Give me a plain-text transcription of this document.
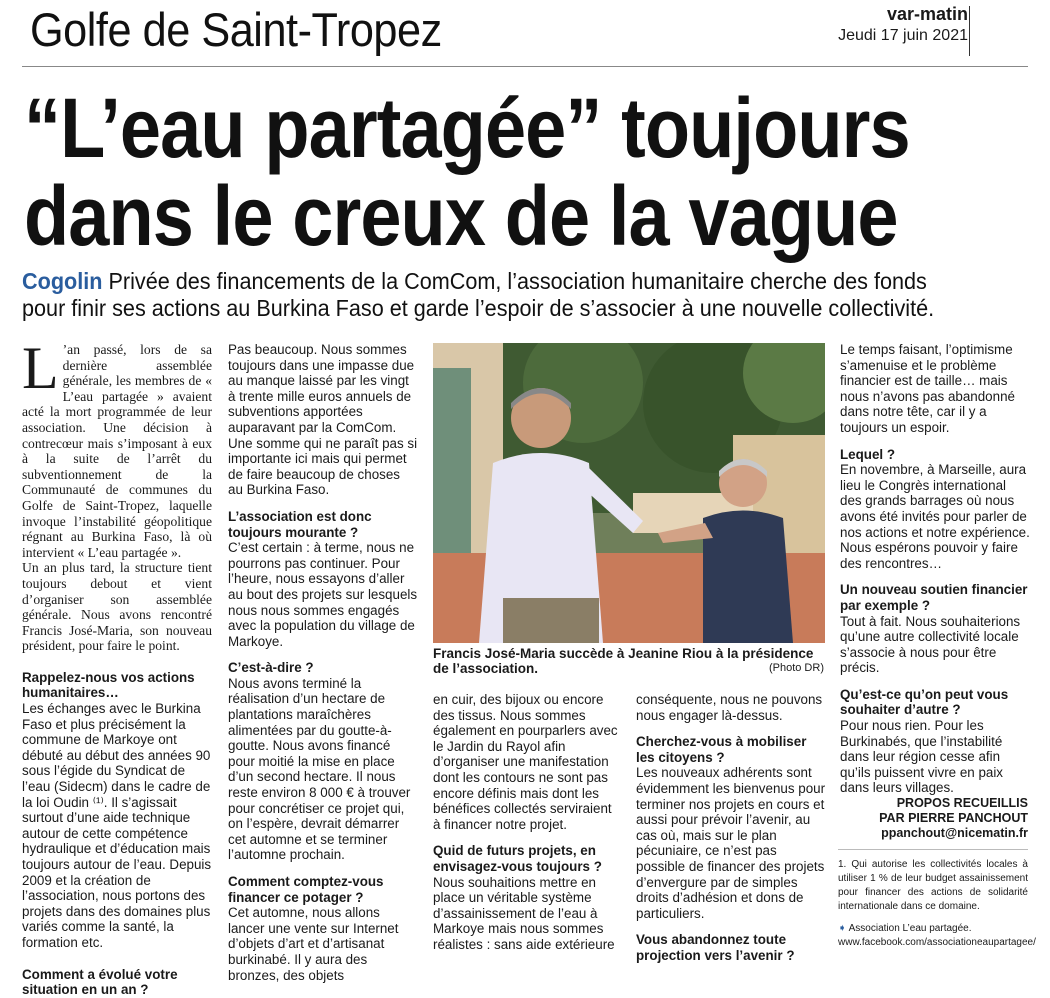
Golfe de Saint-Tropez	var-matin
Jeudi 17 juin 2021
“L’eau partagée” toujours
dans le creux de la vague
Cogolin Privée des financements de la ComCom, l’association humanitaire cherche des fonds
pour finir ses actions au Burkina Faso et garde l’espoir de s’associer à une nouvelle collectivité.

L ’an passé, lors de sa dernière assemblée générale, les membres de « L’eau partagée » avaient acté la mort programmée de leur association. Une décision à contrecœur mais s’imposant à eux à la suite de l’arrêt du subventionnement de la Communauté de communes du Golfe de Saint-Tropez, laquelle invoque l’instabilité géopolitique régnant au Burkina Faso, là où intervient « L’eau partagée ».

Un an plus tard, la structure tient toujours debout et vient d’organiser son assemblée générale. Nous avons rencontré Francis José-Maria, son nouveau président, pour faire le point.

Rappelez-nous vos actions humanitaires…

Les échanges avec le Burkina Faso et plus précisément la commune de Markoye ont débuté au début des années 90 sous l’égide du Syndicat de l’eau (Sidecm) dans le cadre de la loi Oudin ⁽¹⁾. Il s’agissait surtout d’une aide technique autour de cette compétence hydraulique et d’éducation mais toujours autour de l’eau. Depuis 2009 et la création de l’association, nous portons des projets dans des domaines plus variés comme la santé, la formation etc.

Comment a évolué votre situation en un an ?

Pas beaucoup. Nous sommes toujours dans une impasse due au manque laissé par les vingt à trente mille euros annuels de subventions apportées auparavant par la ComCom. Une somme qui ne paraît pas si importante ici mais qui permet de faire beaucoup de choses au Burkina Faso.

L’association est donc toujours mourante ?

C’est certain : à terme, nous ne pourrons pas continuer. Pour l’heure, nous essayons d’aller au bout des projets sur lesquels nous nous sommes engagés avec la population du village de Markoye.

C’est-à-dire ?

Nous avons terminé la réalisation d’un hectare de plantations maraîchères alimentées par du goutte-à-goutte. Nous avons financé pour moitié la mise en place d’un second hectare. Il nous reste environ 8 000 € à trouver pour concrétiser ce projet qui, on l’espère, devrait démarrer cet automne et se terminer l’automne prochain.

Comment comptez-vous financer ce potager ?

Cet automne, nous allons lancer une vente sur Internet d’objets d’art et d’artisanat burkinabé. Il y aura des bronzes, des objets

Francis José-Maria succède à Jeanine Riou à la présidence de l’association.	(Photo DR)

en cuir, des bijoux ou encore des tissus. Nous sommes également en pourparlers avec le Jardin du Rayol afin d’organiser une manifestation dont les contours ne sont pas encore définis mais dont les bénéfices collectés serviraient à financer notre projet.

Quid de futurs projets, en envisagez-vous toujours ?

Nous souhaitions mettre en place un véritable système d’assainissement de l’eau à Markoye mais nous sommes réalistes : sans aide extérieure

conséquente, nous ne pouvons nous engager là-dessus.

Cherchez-vous à mobiliser les citoyens ?

Les nouveaux adhérents sont évidemment les bienvenus pour terminer nos projets en cours et aussi pour prévoir l’avenir, au cas où, mais sur le plan pécuniaire, ce n’est pas possible de financer des projets d’envergure par de simples droits d’adhésion et dons de particuliers.

Vous abandonnez toute projection vers l’avenir ?

Le temps faisant, l’optimisme s’amenuise et le problème financier est de taille… mais nous n’avons pas abandonné dans notre tête, car il y a toujours un espoir.

Lequel ?

En novembre, à Marseille, aura lieu le Congrès international des grands barrages où nous avons été invités pour parler de nos actions et notre expérience. Nous espérons pouvoir y faire des rencontres…

Un nouveau soutien financier par exemple ?

Tout à fait. Nous souhaiterions qu’une autre collectivité locale s’associe à nous pour être précis.

Qu’est-ce qu’on peut vous souhaiter d’autre ?

Pour nous rien. Pour les Burkinabés, que l’instabilité dans leur région cesse afin qu’ils puissent vivre en paix dans leurs villages.

PROPOS RECUEILLIS
PAR PIERRE PANCHOUT
ppanchout@nicematin.fr
1. Qui autorise les collectivités locales à utiliser 1 % de leur budget assainissement pour financer des actions de solidarité internationale dans ce domaine.
➧ Association L’eau partagée.
www.facebook.com/associationeaupartagee/
